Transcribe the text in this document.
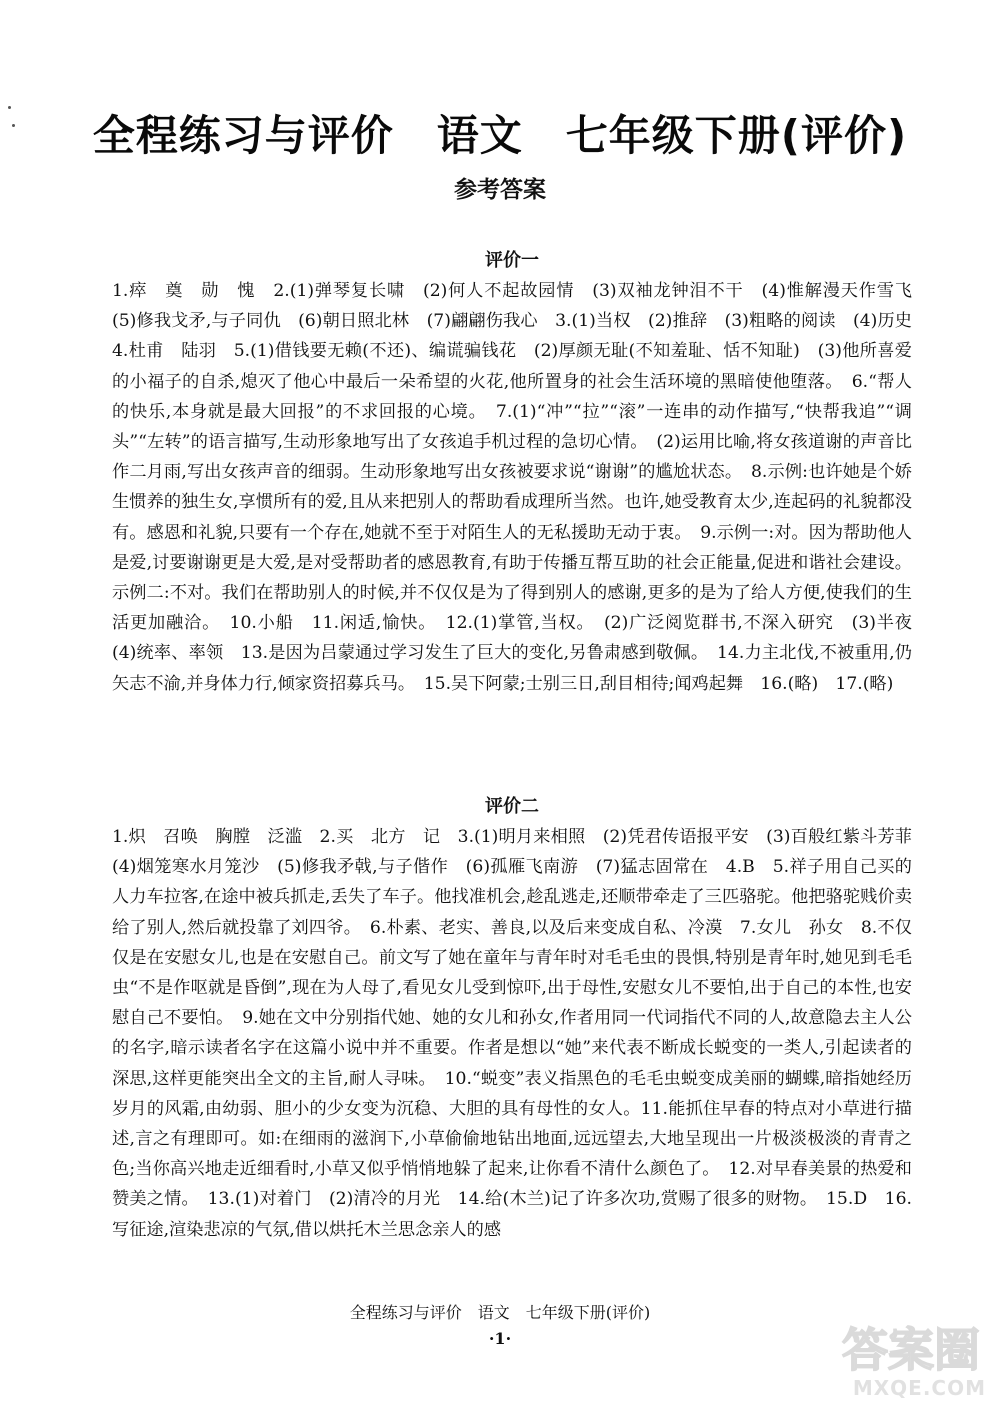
全程练习与评价　语文　七年级下册(评价)
参考答案
评价一

1.瘁　奠　勋　愧　2.(1)弹琴复长啸　(2)何人不起故园情　(3)双袖龙钟泪不干　(4)惟解漫天作雪飞　(5)修我戈矛,与子同仇　(6)朝日照北林　(7)翩翩伤我心　3.(1)当权　(2)推辞　(3)粗略的阅读　(4)历史　4.杜甫　陆羽　5.(1)借钱要无赖(不还)、编谎骗钱花　(2)厚颜无耻(不知羞耻、恬不知耻)　(3)他所喜爱的小福子的自杀,熄灭了他心中最后一朵希望的火花,他所置身的社会生活环境的黑暗使他堕落。　6.“帮人的快乐,本身就是最大回报”的不求回报的心境。　7.(1)“冲”“拉”“滚”一连串的动作描写,“快帮我追”“调头”“左转”的语言描写,生动形象地写出了女孩追手机过程的急切心情。　(2)运用比喻,将女孩道谢的声音比作二月雨,写出女孩声音的细弱。生动形象地写出女孩被要求说“谢谢”的尴尬状态。　8.示例:也许她是个娇生惯养的独生女,享惯所有的爱,且从来把别人的帮助看成理所当然。也许,她受教育太少,连起码的礼貌都没有。感恩和礼貌,只要有一个存在,她就不至于对陌生人的无私援助无动于衷。　9.示例一:对。因为帮助他人是爱,讨要谢谢更是大爱,是对受帮助者的感恩教育,有助于传播互帮互助的社会正能量,促进和谐社会建设。示例二:不对。我们在帮助别人的时候,并不仅仅是为了得到别人的感谢,更多的是为了给人方便,使我们的生活更加融洽。　10.小船　11.闲适,愉快。　12.(1)掌管,当权。　(2)广泛阅览群书,不深入研究　(3)半夜　(4)统率、率领　13.是因为吕蒙通过学习发生了巨大的变化,另鲁肃感到敬佩。　14.力主北伐,不被重用,仍矢志不渝,并身体力行,倾家资招募兵马。　15.吴下阿蒙;士别三日,刮目相待;闻鸡起舞　16.(略)　17.(略)

评价二

1.炽　召唤　胸膛　泛滥　2.买　北方　记　3.(1)明月来相照　(2)凭君传语报平安　(3)百般红紫斗芳菲　(4)烟笼寒水月笼沙　(5)修我矛戟,与子偕作　(6)孤雁飞南游　(7)猛志固常在　4.B　5.祥子用自己买的人力车拉客,在途中被兵抓走,丢失了车子。他找准机会,趁乱逃走,还顺带牵走了三匹骆驼。他把骆驼贱价卖给了别人,然后就投靠了刘四爷。　6.朴素、老实、善良,以及后来变成自私、冷漠　7.女儿　孙女　8.不仅仅是在安慰女儿,也是在安慰自己。前文写了她在童年与青年时对毛毛虫的畏惧,特别是青年时,她见到毛毛虫“不是作呕就是昏倒”,现在为人母了,看见女儿受到惊吓,出于母性,安慰女儿不要怕,出于自己的本性,也安慰自己不要怕。　9.她在文中分别指代她、她的女儿和孙女,作者用同一代词指代不同的人,故意隐去主人公的名字,暗示读者名字在这篇小说中并不重要。作者是想以“她”来代表不断成长蜕变的一类人,引起读者的深思,这样更能突出全文的主旨,耐人寻味。　10.“蜕变”表义指黑色的毛毛虫蜕变成美丽的蝴蝶,暗指她经历岁月的风霜,由幼弱、胆小的少女变为沉稳、大胆的具有母性的女人。11.能抓住早春的特点对小草进行描述,言之有理即可。如:在细雨的滋润下,小草偷偷地钻出地面,远远望去,大地呈现出一片极淡极淡的青青之色;当你高兴地走近细看时,小草又似乎悄悄地躲了起来,让你看不清什么颜色了。　12.对早春美景的热爱和赞美之情。　13.(1)对着门　(2)清冷的月光　14.给(木兰)记了许多次功,赏赐了很多的财物。　15.D　16.写征途,渲染悲凉的气氛,借以烘托木兰思念亲人的感

全程练习与评价　语文　七年级下册(评价)
·1·	答案圈
MXQE.COM
